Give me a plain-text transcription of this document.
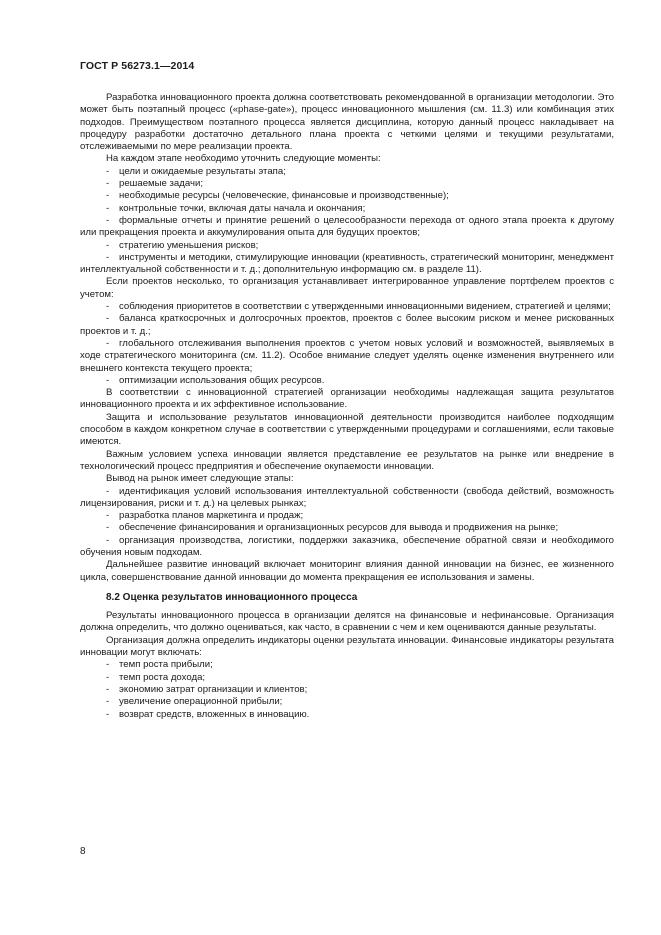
ГОСТ Р 56273.1—2014

Разработка инновационного проекта должна соответствовать рекомендованной в организации методологии. Это может быть поэтапный процесс («phase-gate»), процесс инновационного мышления (см. 11.3) или комбинация этих подходов. Преимуществом поэтапного процесса является дисциплина, которую данный процесс накладывает на процедуру разработки достаточно детального плана проекта с четкими целями и текущими результатами, отслеживаемыми по мере реализации проекта.

На каждом этапе необходимо уточнить следующие моменты:

- цели и ожидаемые результаты этапа;

- решаемые задачи;

- необходимые ресурсы (человеческие, финансовые и производственные);

- контрольные точки, включая даты начала и окончания;

- формальные отчеты и принятие решений о целесообразности перехода от одного этапа проекта к другому или прекращения проекта и аккумулирования опыта для будущих проектов;

- стратегию уменьшения рисков;

- инструменты и методики, стимулирующие инновации (креативность, стратегический мониторинг, менеджмент интеллектуальной собственности и т. д.; дополнительную информацию см. в разделе 11).

Если проектов несколько, то организация устанавливает интегрированное управление портфелем проектов с учетом:

- соблюдения приоритетов в соответствии с утвержденными инновационными видением, стратегией и целями;

- баланса краткосрочных и долгосрочных проектов, проектов с более высоким риском и менее рискованных проектов и т. д.;

- глобального отслеживания выполнения проектов с учетом новых условий и возможностей, выявляемых в ходе стратегического мониторинга (см. 11.2). Особое внимание следует уделять оценке изменения внутреннего или внешнего контекста текущего проекта;

- оптимизации использования общих ресурсов.

В соответствии с инновационной стратегией организации необходимы надлежащая защита результатов инновационного проекта и их эффективное использование.

Защита и использование результатов инновационной деятельности производится наиболее подходящим способом в каждом конкретном случае в соответствии с утвержденными процедурами и соглашениями, если таковые имеются.

Важным условием успеха инновации является представление ее результатов на рынке или внедрение в технологический процесс предприятия и обеспечение окупаемости инновации.

Вывод на рынок имеет следующие этапы:

- идентификация условий использования интеллектуальной собственности (свобода действий, возможность лицензирования, риски и т. д.) на целевых рынках;

- разработка планов маркетинга и продаж;

- обеспечение финансирования и организационных ресурсов для вывода и продвижения на рынке;

- организация производства, логистики, поддержки заказчика, обеспечение обратной связи и необходимого обучения новым подходам.

Дальнейшее развитие инноваций включает мониторинг влияния данной инновации на бизнес, ее жизненного цикла, совершенствование данной инновации до момента прекращения ее использования и замены.

8.2 Оценка результатов инновационного процесса

Результаты инновационного процесса в организации делятся на финансовые и нефинансовые. Организация должна определить, что должно оцениваться, как часто, в сравнении с чем и кем оцениваются данные результаты.

Организация должна определить индикаторы оценки результата инновации. Финансовые индикаторы результата инновации могут включать:

- темп роста прибыли;

- темп роста дохода;

- экономию затрат организации и клиентов;

- увеличение операционной прибыли;

- возврат средств, вложенных в инновацию.

8
